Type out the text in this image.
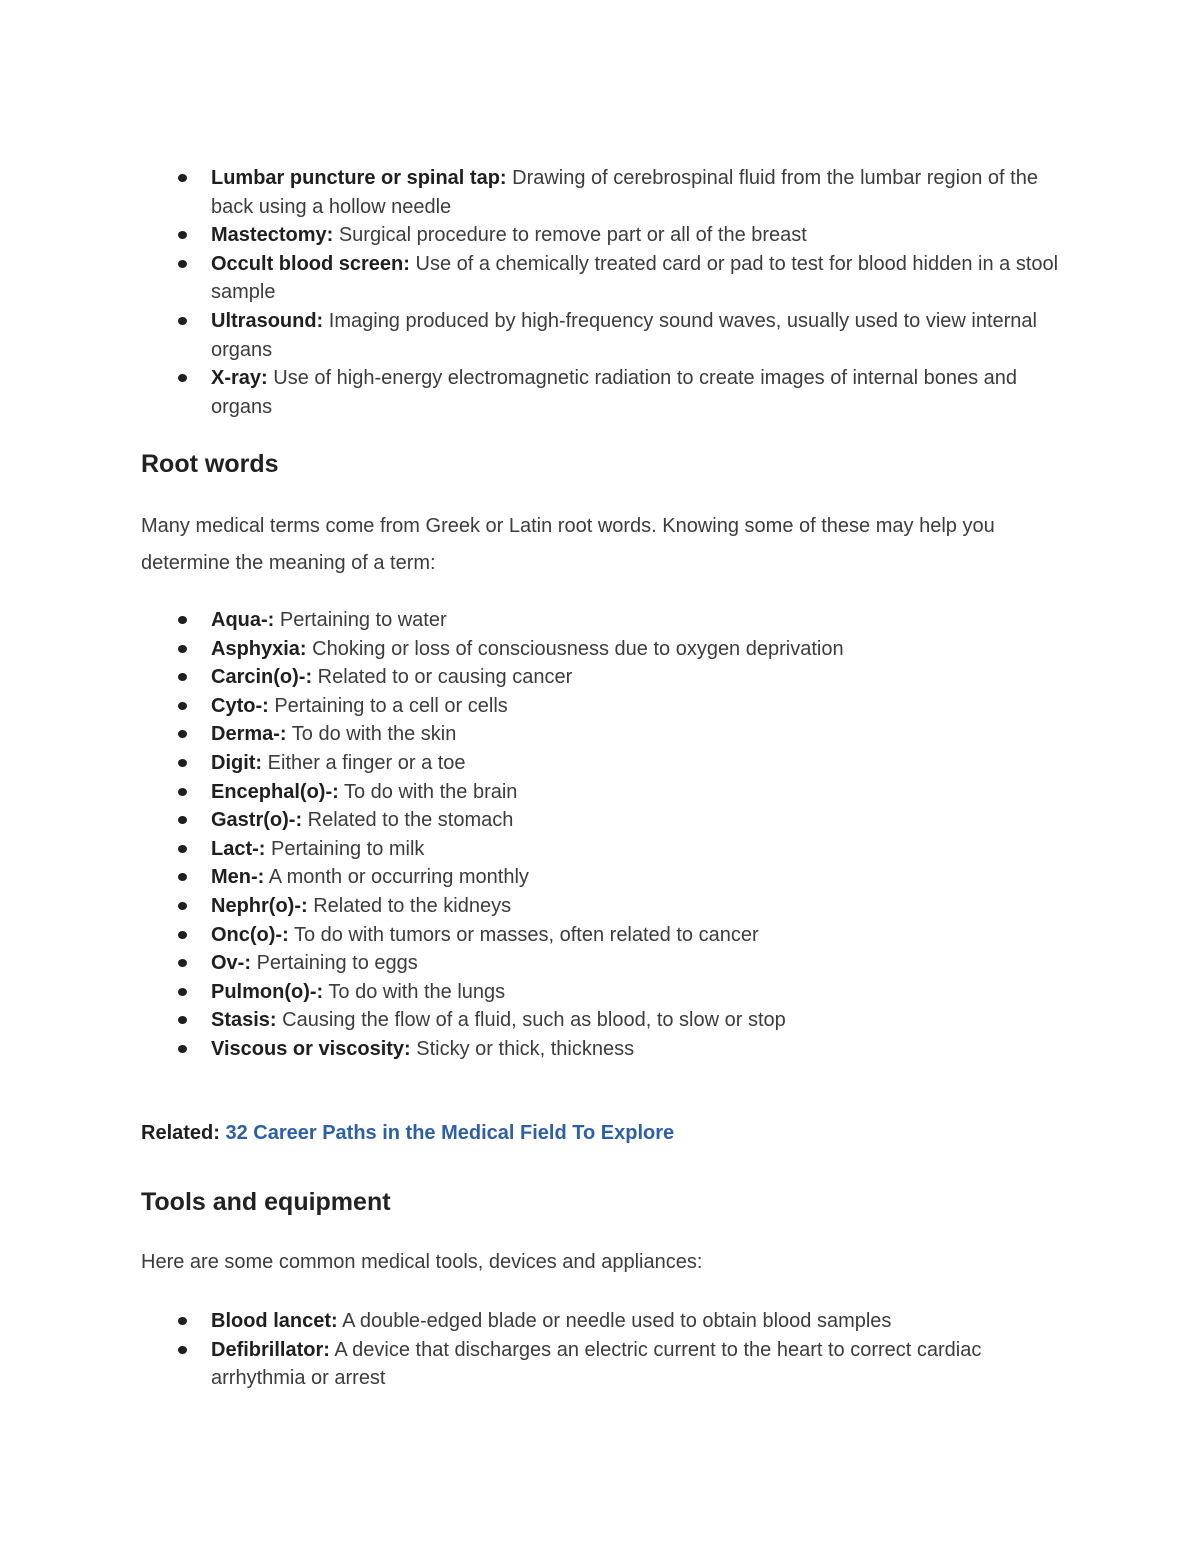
Lumbar puncture or spinal tap: Drawing of cerebrospinal fluid from the lumbar region of the back using a hollow needle
Mastectomy: Surgical procedure to remove part or all of the breast
Occult blood screen: Use of a chemically treated card or pad to test for blood hidden in a stool sample
Ultrasound: Imaging produced by high-frequency sound waves, usually used to view internal organs
X-ray: Use of high-energy electromagnetic radiation to create images of internal bones and organs
Root words

Many medical terms come from Greek or Latin root words. Knowing some of these may help you determine the meaning of a term:

Aqua-: Pertaining to water
Asphyxia: Choking or loss of consciousness due to oxygen deprivation
Carcin(o)-: Related to or causing cancer
Cyto-: Pertaining to a cell or cells
Derma-: To do with the skin
Digit: Either a finger or a toe
Encephal(o)-: To do with the brain
Gastr(o)-: Related to the stomach
Lact-: Pertaining to milk
Men-: A month or occurring monthly
Nephr(o)-: Related to the kidneys
Onc(o)-: To do with tumors or masses, often related to cancer
Ov-: Pertaining to eggs
Pulmon(o)-: To do with the lungs
Stasis: Causing the flow of a fluid, such as blood, to slow or stop
Viscous or viscosity: Sticky or thick, thickness
Related: 32 Career Paths in the Medical Field To Explore
Tools and equipment

Here are some common medical tools, devices and appliances:

Blood lancet: A double-edged blade or needle used to obtain blood samples
Defibrillator: A device that discharges an electric current to the heart to correct cardiac arrhythmia or arrest
